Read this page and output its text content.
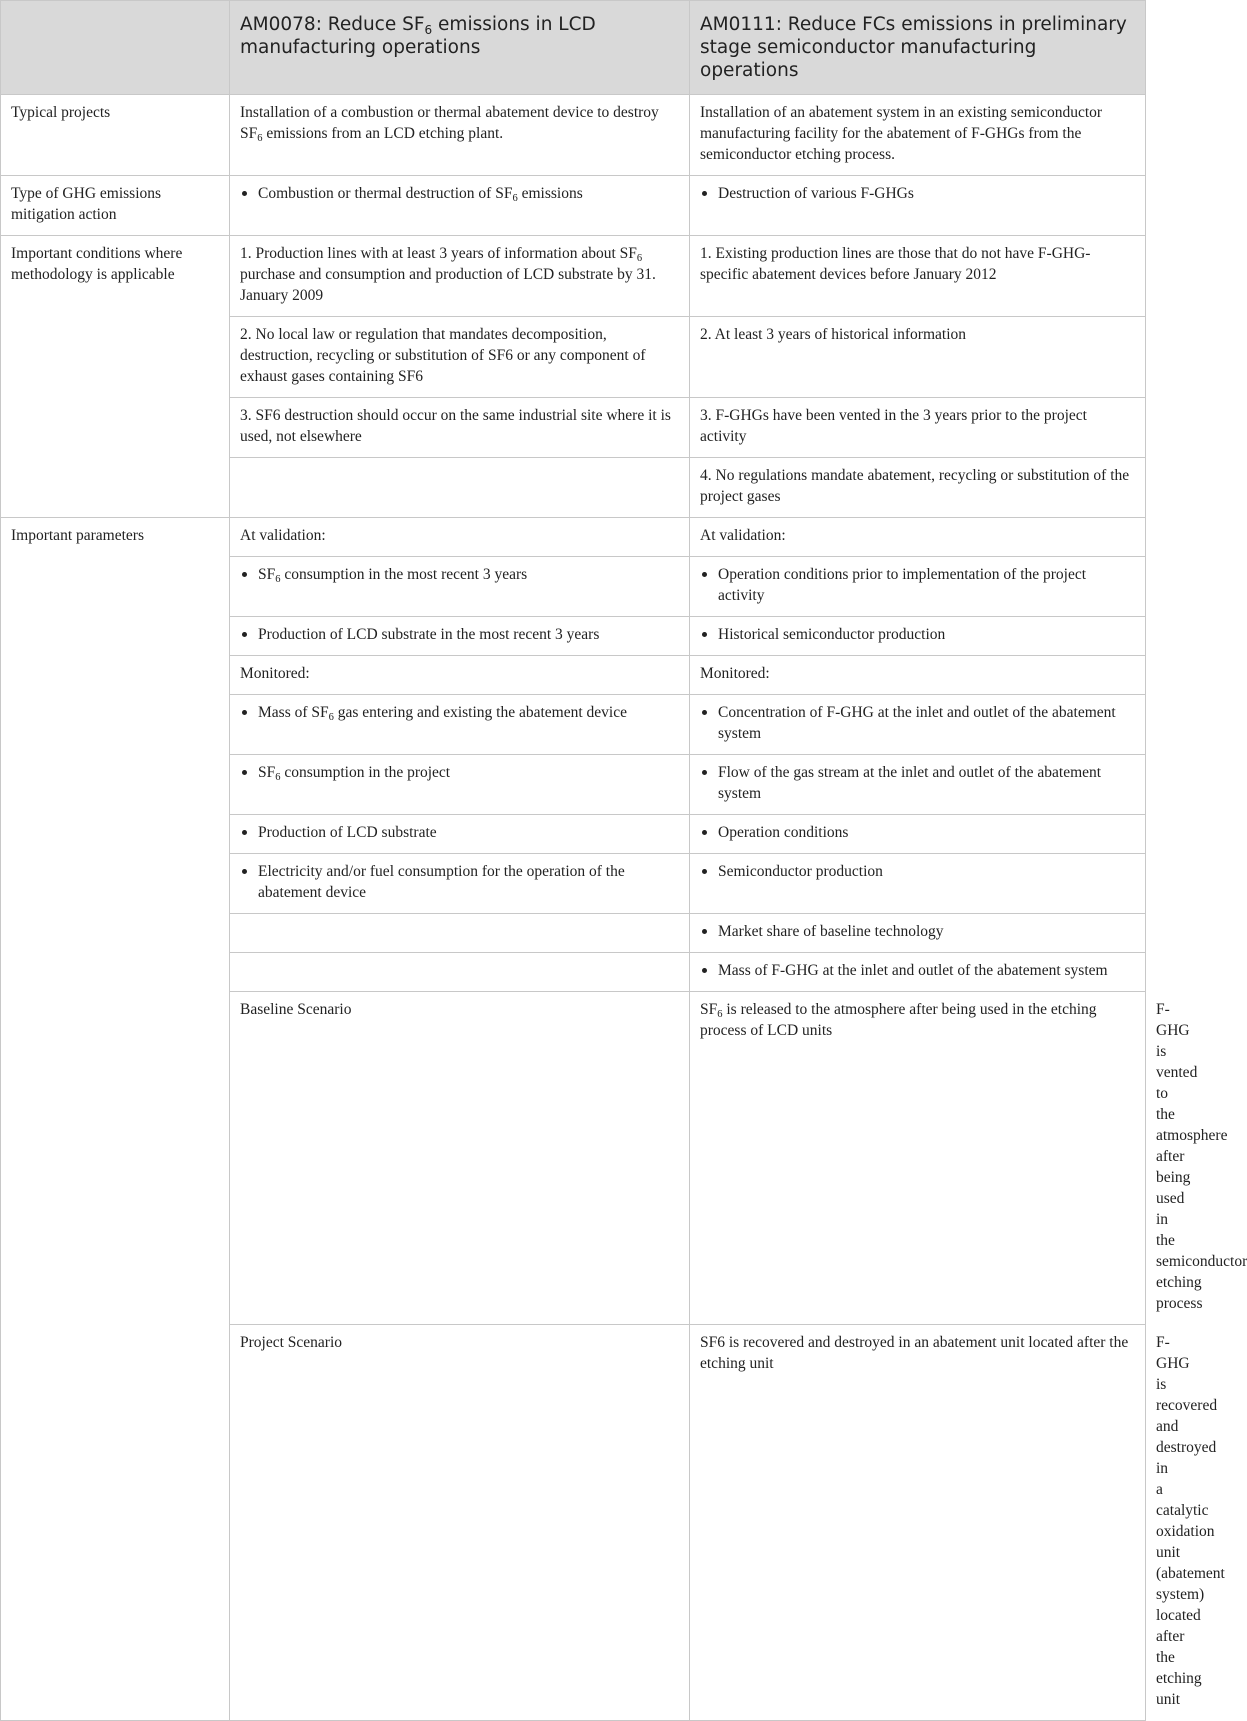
	AM0078: Reduce $SF_6$ emissions in LCD manufacturing operations	AM0111: Reduce FCs emissions in preliminary stage semiconductor manufacturing operations	
Typical projects	Installation of a combustion or thermal abatement device to destroy $SF_6$ emissions from an LCD etching plant.	Installation of an abatement system in an existing semiconductor manufacturing facility for the abatement of F-GHGs from the semiconductor etching process.	
Type of GHG emissions mitigation action	Combustion or thermal destruction of $SF_6$ emissions	Destruction of various F-GHGs	

Important conditions where methodology is applicable	1. Production lines with at least 3 years of information about $SF_6$ purchase and consumption and production of LCD substrate by 31. January 2009	1. Existing production lines are those that do not have F-GHG-specific abatement devices before January 2012	
	2. No local law or regulation that mandates decomposition, destruction, recycling or substitution of SF6 or any component of exhaust gases containing SF6	2. At least 3 years of historical information	
	3. SF6 destruction should occur on the same industrial site where it is used, not elsewhere	3. F-GHGs have been vented in the 3 years prior to the project activity	
		4. No regulations mandate abatement, recycling or substitution of the project gases	
Important parameters	At validation:	At validation:	

	$SF_6$ consumption in the most recent 3 years	Operation conditions prior to implementation of the project activity	

	Production of LCD substrate in the most recent 3 years	Historical semiconductor production	

	Monitored:	Monitored:	

	Mass of $SF_6$ gas entering and existing the abatement device	Concentration of F-GHG at the inlet and outlet of the abatement system	

	$SF_6$ consumption in the project	Flow of the gas stream at the inlet and outlet of the abatement system	

	Production of LCD substrate	Operation conditions	

	Electricity and/or fuel consumption for the operation of the abatement device	Semiconductor production	

		Market share of baseline technology	

		Mass of F-GHG at the inlet and outlet of the abatement system	

	Baseline Scenario	$SF_6$ is released to the atmosphere after being used in the etching process of LCD units	F-GHG is vented to the atmosphere after being used in the semiconductor etching process
	Project Scenario	SF6 is recovered and destroyed in an abatement unit located after the etching unit	F-GHG is recovered and destroyed in a catalytic oxidation unit (abatement system) located after the etching unit
